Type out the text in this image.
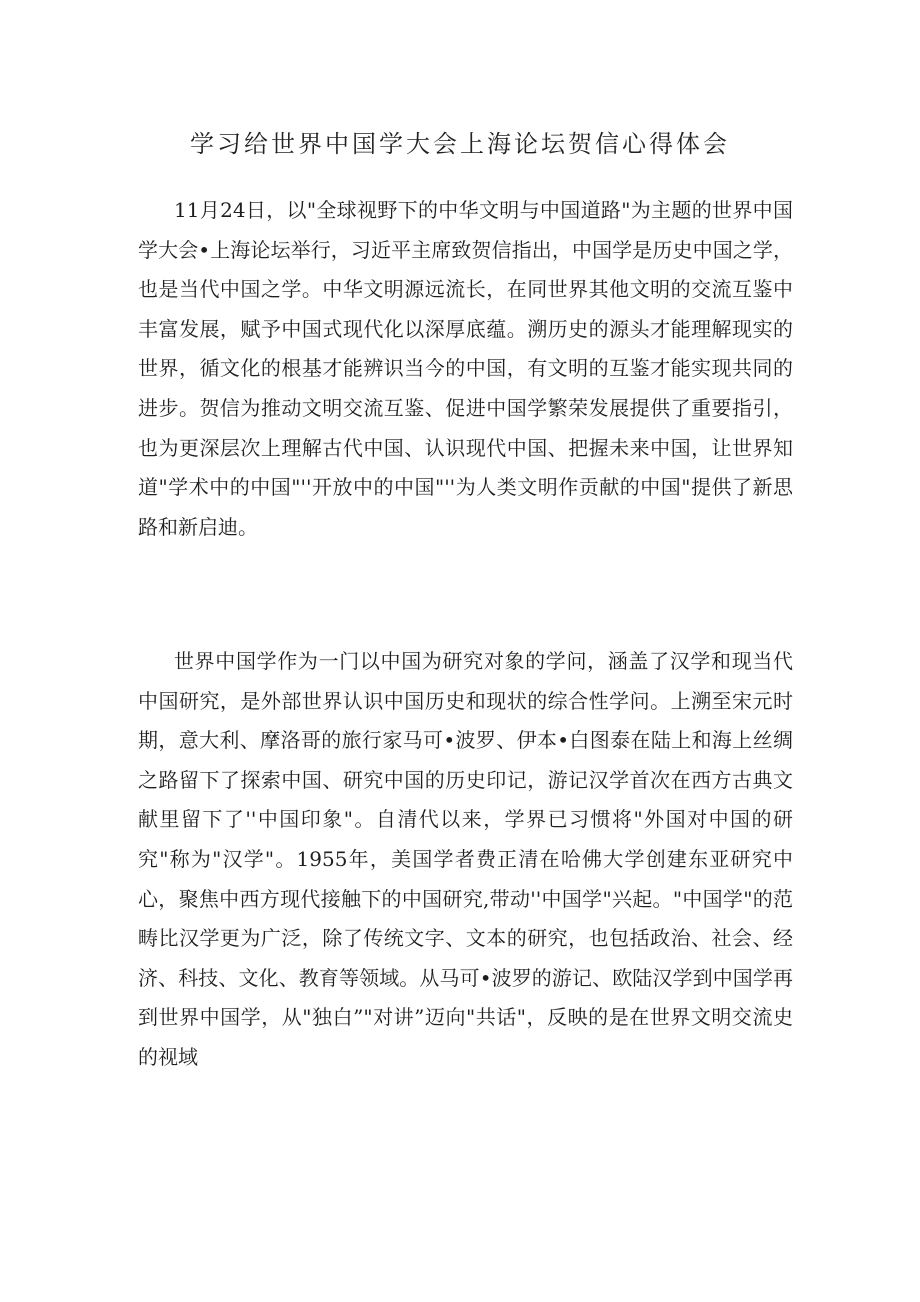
学习给世界中国学大会上海论坛贺信心得体会

11月24日，以"全球视野下的中华文明与中国道路"为主题的世界中国学大会•上海论坛举行，习近平主席致贺信指出，中国学是历史中国之学，也是当代中国之学。中华文明源远流长，在同世界其他文明的交流互鉴中丰富发展，赋予中国式现代化以深厚底蕴。溯历史的源头才能理解现实的世界，循文化的根基才能辨识当今的中国，有文明的互鉴才能实现共同的进步。贺信为推动文明交流互鉴、促进中国学繁荣发展提供了重要指引，也为更深层次上理解古代中国、认识现代中国、把握未来中国，让世界知道"学术中的中国"''开放中的中国"''为人类文明作贡献的中国"提供了新思路和新启迪。

世界中国学作为一门以中国为研究对象的学问，涵盖了汉学和现当代中国研究，是外部世界认识中国历史和现状的综合性学问。上溯至宋元时期，意大利、摩洛哥的旅行家马可•波罗、伊本•白图泰在陆上和海上丝绸之路留下了探索中国、研究中国的历史印记，游记汉学首次在西方古典文献里留下了''中国印象"。自清代以来，学界已习惯将"外国对中国的研究"称为"汉学"。1955年，美国学者费正清在哈佛大学创建东亚研究中心，聚焦中西方现代接触下的中国研究,带动''中国学"兴起。"中国学"的范畴比汉学更为广泛，除了传统文字、文本的研究，也包括政治、社会、经济、科技、文化、教育等领域。从马可•波罗的游记、欧陆汉学到中国学再到世界中国学，从"独白”"对讲”迈向"共话"，反映的是在世界文明交流史的视域
